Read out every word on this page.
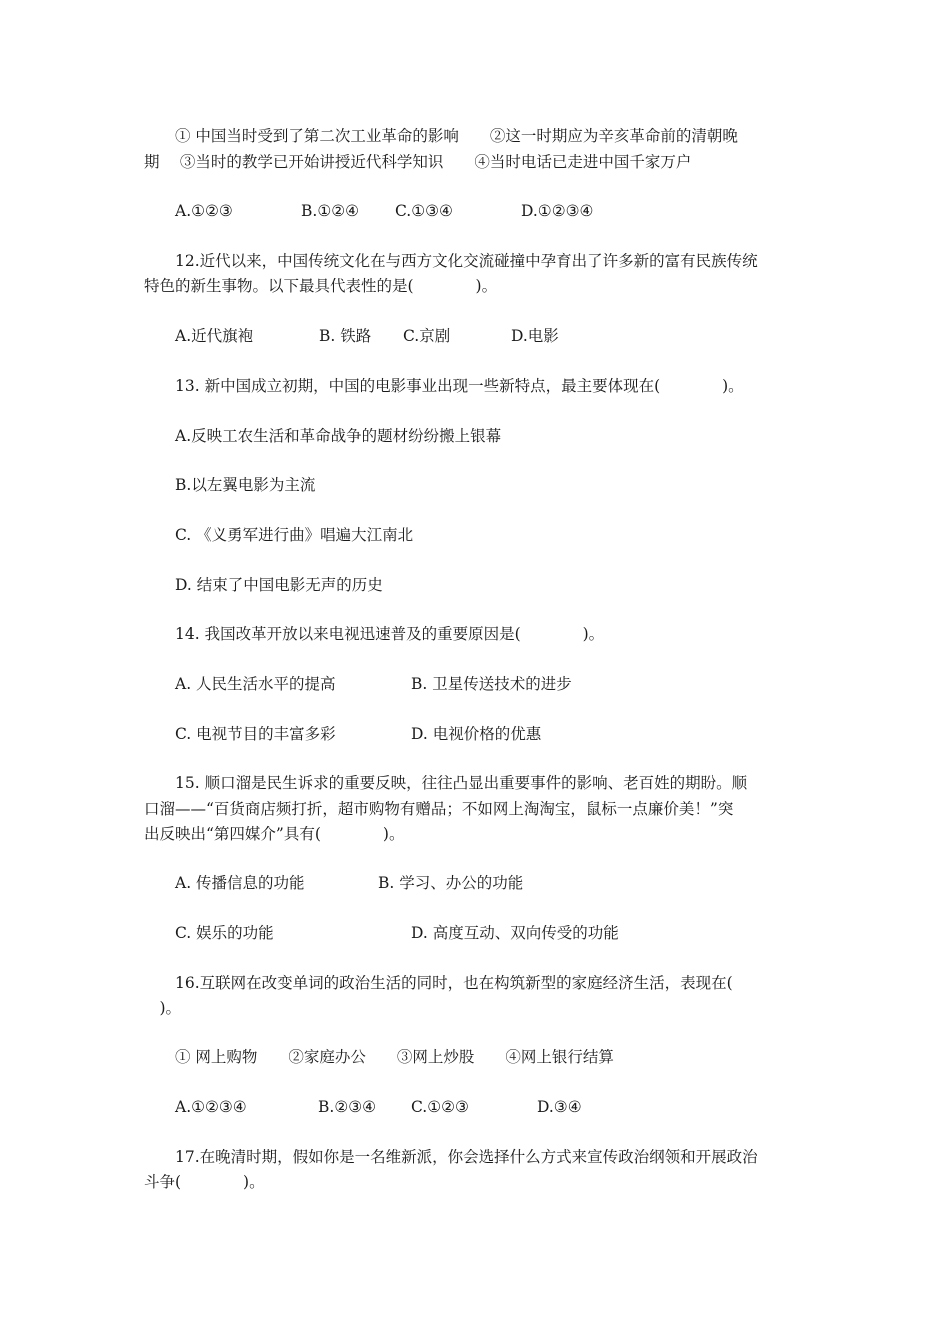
① 中国当时受到了第二次工业革命的影响　　②这一时期应为辛亥革命前的清朝晚
期　 ③当时的教学已开始讲授近代科学知识　　④当时电话已走进中国千家万户
A.①②③	B.①②④	C.①③④	D.①②③④
12.近代以来，中国传统文化在与西方文化交流碰撞中孕育出了许多新的富有民族传统
特色的新生事物。以下最具代表性的是(　　　　)。
A.近代旗袍	B. 铁路	C.京剧	D.电影
13. 新中国成立初期，中国的电影事业出现一些新特点，最主要体现在(　　　　)。
A.反映工农生活和革命战争的题材纷纷搬上银幕
B.以左翼电影为主流
C. 《义勇军进行曲》唱遍大江南北
D. 结束了中国电影无声的历史
14. 我国改革开放以来电视迅速普及的重要原因是(　　　　)。
A. 人民生活水平的提高	B. 卫星传送技术的进步
C. 电视节目的丰富多彩	D. 电视价格的优惠
15. 顺口溜是民生诉求的重要反映，往往凸显出重要事件的影响、老百姓的期盼。顺
口溜——“百货商店频打折，超市购物有赠品；不如网上淘淘宝，鼠标一点廉价美！”突
出反映出“第四媒介”具有(　　　　)。
A. 传播信息的功能	B. 学习、办公的功能
C. 娱乐的功能	D. 高度互动、双向传受的功能
16.互联网在改变单词的政治生活的同时，也在构筑新型的家庭经济生活，表现在(
　)。
① 网上购物　　②家庭办公　　③网上炒股　　④网上银行结算
A.①②③④	B.②③④	C.①②③	D.③④
17.在晚清时期，假如你是一名维新派，你会选择什么方式来宣传政治纲领和开展政治
斗争(　　　　)。
